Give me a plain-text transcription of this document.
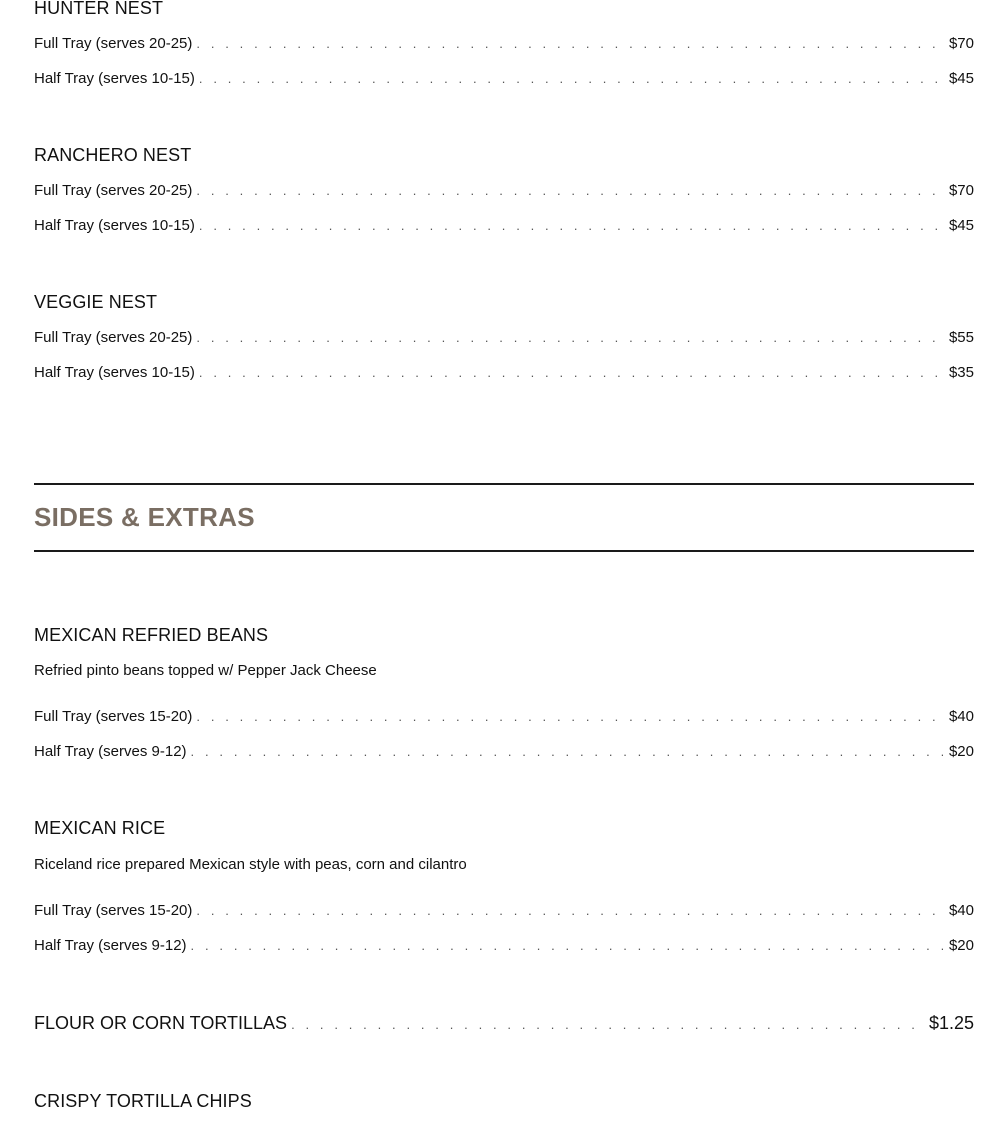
HUNTER NEST
Full Tray (serves 20-25) . . .	$70
Half Tray (serves 10-15) . . .	$45
RANCHERO NEST
Full Tray (serves 20-25) . . .	$70
Half Tray (serves 10-15) . . .	$45
VEGGIE NEST
Full Tray (serves 20-25) . . .	$55
Half Tray (serves 10-15) . . .	$35
SIDES & EXTRAS
MEXICAN REFRIED BEANS
Refried pinto beans topped w/ Pepper Jack Cheese
Full Tray (serves 15-20) . . .	$40
Half Tray (serves 9-12) . . .	$20
MEXICAN RICE
Riceland rice prepared Mexican style with peas, corn and cilantro
Full Tray (serves 15-20) . . .	$40
Half Tray (serves 9-12) . . .	$20
FLOUR OR CORN TORTILLAS . . .	$1.25
CRISPY TORTILLA CHIPS
